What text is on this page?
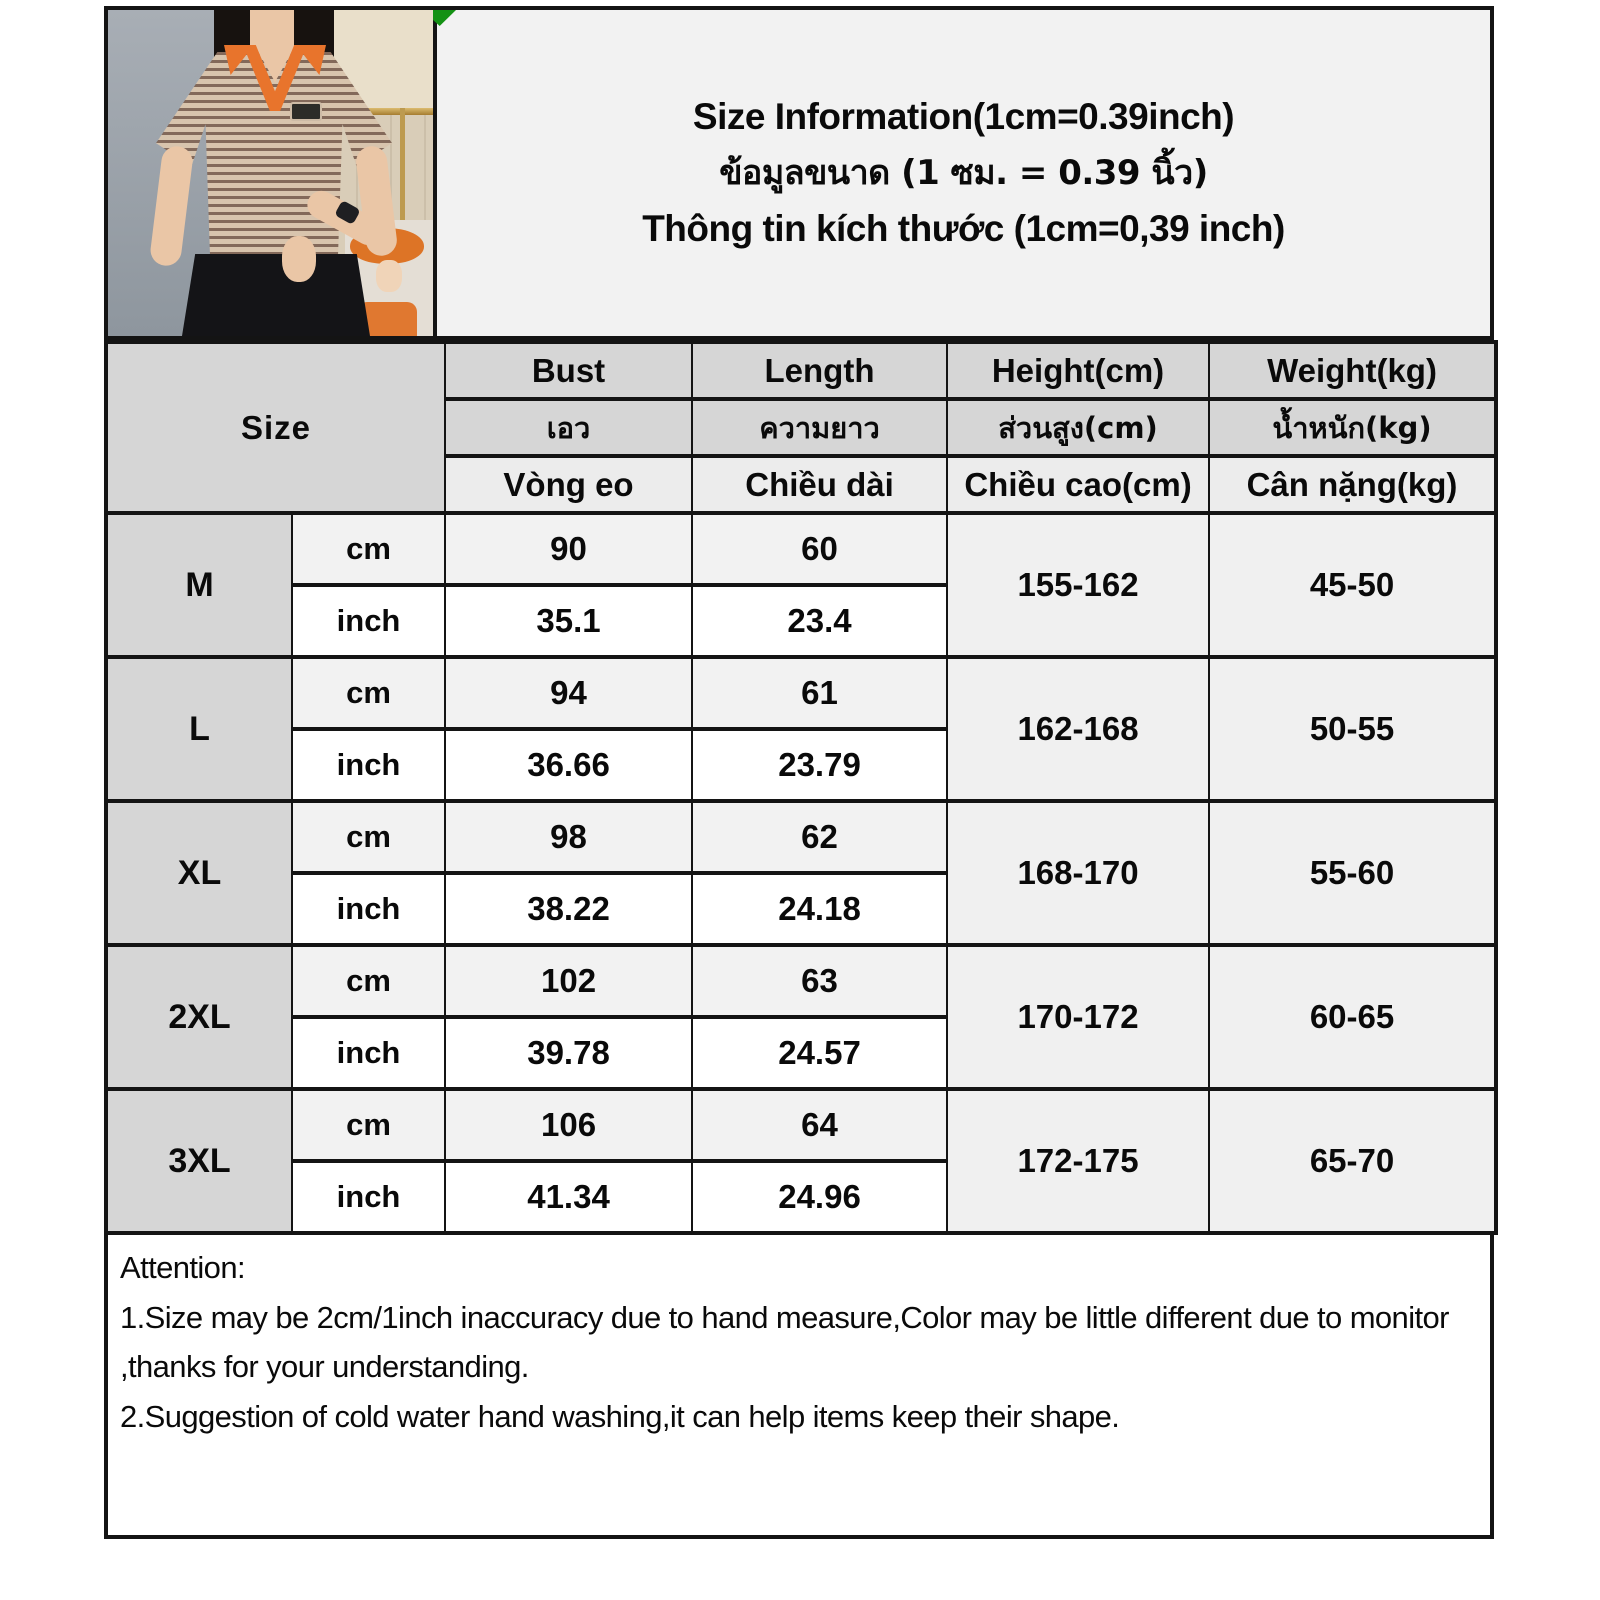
Size Information(1cm=0.39inch)
ข้อมูลขนาด (1 ซม. = 0.39 นิ้ว)
Thông tin kích thước (1cm=0,39 inch)
Size		Bust	Length	Height(cm)	Weight(kg)
		เอว	ความยาว	ส่วนสูง(cm)	น้ำหนัก(kg)
		Vòng eo	Chiều dài	Chiều cao(cm)	Cân nặng(kg)
M	cm	90	60	155-162	45-50
	inch	35.1	23.4		
L	cm	94	61	162-168	50-55
	inch	36.66	23.79		
XL	cm	98	62	168-170	55-60
	inch	38.22	24.18		
2XL	cm	102	63	170-172	60-65
	inch	39.78	24.57		
3XL	cm	106	64	172-175	65-70
	inch	41.34	24.96		
Attention:
1.Size may be 2cm/1inch inaccuracy due to hand measure,Color may be little different due to monitor ,thanks for your understanding.
2.Suggestion of cold water hand washing,it can help items keep their shape.
